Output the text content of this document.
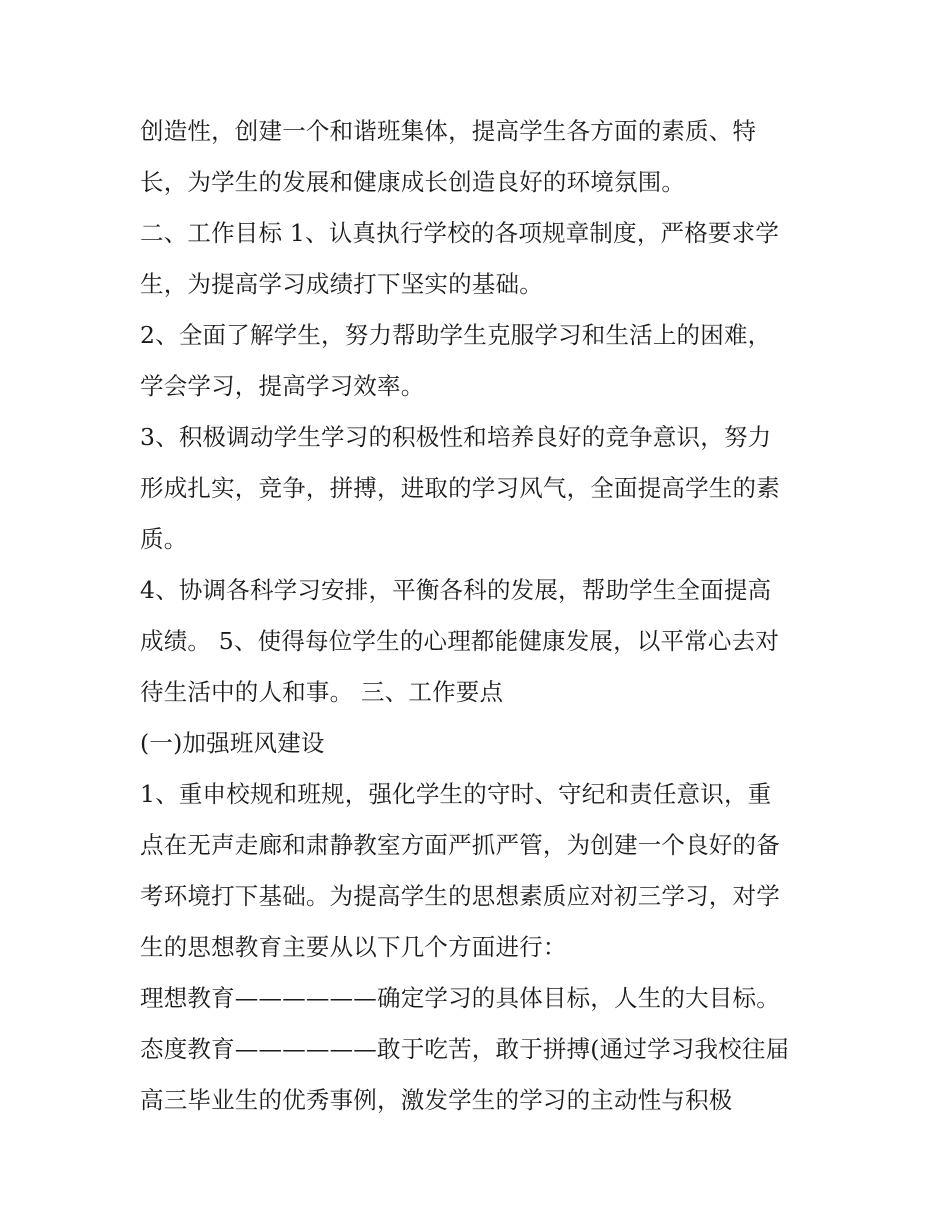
创造性，创建一个和谐班集体，提高学生各方面的素质、特
长，为学生的发展和健康成长创造良好的环境氛围。
二、工作目标 1、认真执行学校的各项规章制度，严格要求学
生，为提高学习成绩打下坚实的基础。
2、全面了解学生，努力帮助学生克服学习和生活上的困难，
学会学习，提高学习效率。
3、积极调动学生学习的积极性和培养良好的竞争意识，努力
形成扎实，竞争，拼搏，进取的学习风气，全面提高学生的素
质。
4、协调各科学习安排，平衡各科的发展，帮助学生全面提高
成绩。 5、使得每位学生的心理都能健康发展，以平常心去对
待生活中的人和事。 三、工作要点
(一)加强班风建设
1、重申校规和班规，强化学生的守时、守纪和责任意识，重
点在无声走廊和肃静教室方面严抓严管，为创建一个良好的备
考环境打下基础。为提高学生的思想素质应对初三学习，对学
生的思想教育主要从以下几个方面进行：
理想教育——————确定学习的具体目标，人生的大目标。
态度教育——————敢于吃苦，敢于拼搏(通过学习我校往届
高三毕业生的优秀事例，激发学生的学习的主动性与积极
